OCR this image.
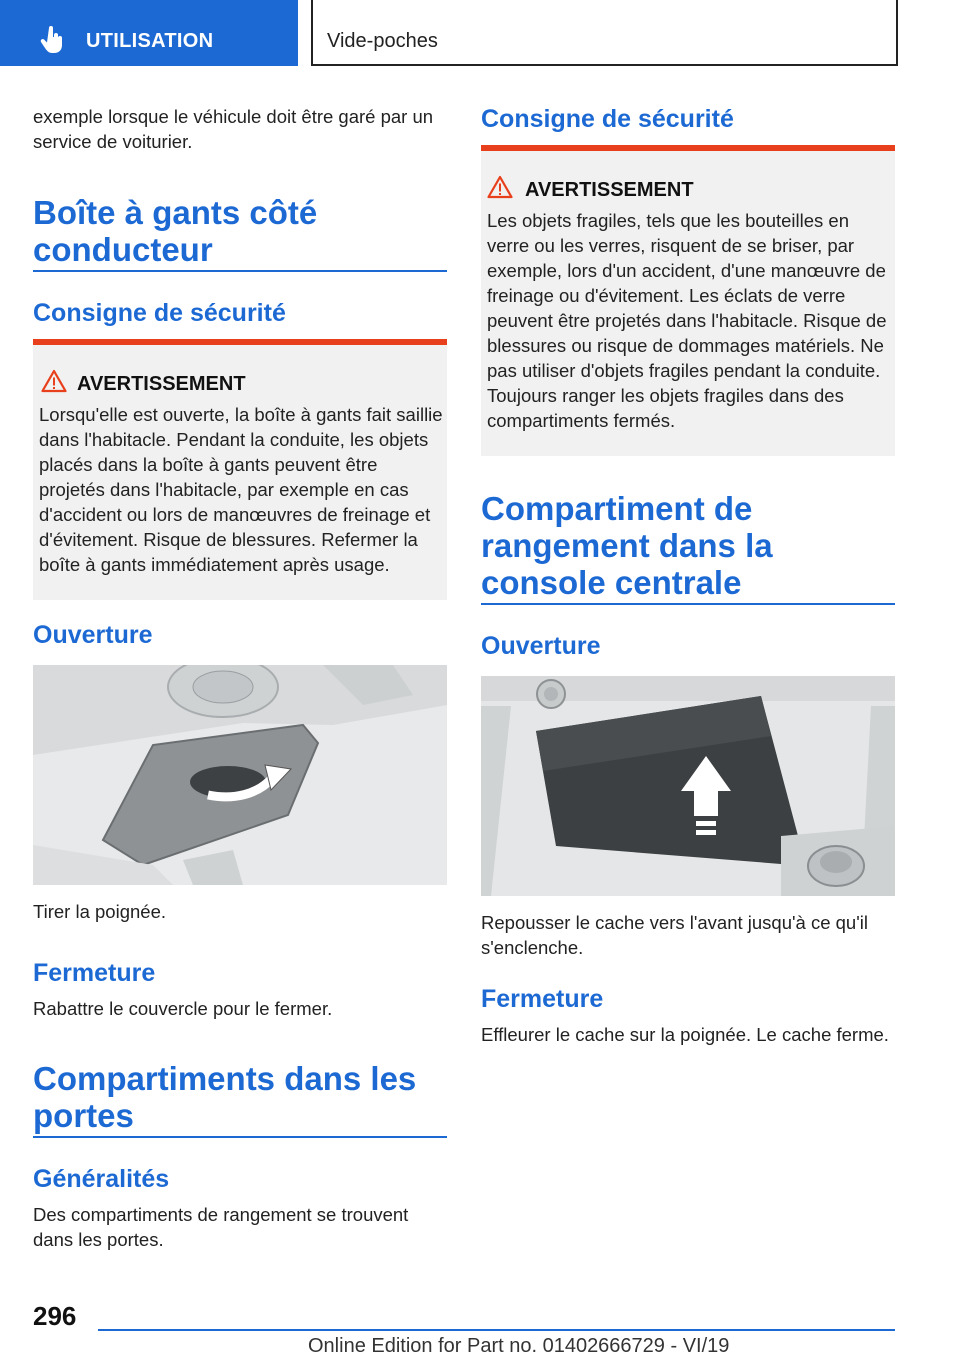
UTILISATION	Vide-poches
exemple lorsque le véhicule doit être garé par un service de voiturier.
Boîte à gants côté conducteur
Consigne de sécurité
AVERTISSEMENT
Lorsqu'elle est ouverte, la boîte à gants fait saillie dans l'habitacle. Pendant la conduite, les objets placés dans la boîte à gants peuvent être projetés dans l'habitacle, par exemple en cas d'accident ou lors de manœuvres de freinage et d'évitement. Risque de blessures. Refermer la boîte à gants immédiatement après usage.
Ouverture
Tirer la poignée.
Fermeture
Rabattre le couvercle pour le fermer.
Compartiments dans les portes
Généralités
Des compartiments de rangement se trouvent dans les portes.
Consigne de sécurité
AVERTISSEMENT
Les objets fragiles, tels que les bouteilles en verre ou les verres, risquent de se briser, par exemple, lors d'un accident, d'une manœuvre de freinage ou d'évitement. Les éclats de verre peuvent être projetés dans l'habitacle. Risque de blessures ou risque de dommages matériels. Ne pas utiliser d'objets fragiles pendant la conduite. Toujours ranger les objets fragiles dans des compartiments fermés.
Compartiment de rangement dans la console centrale
Ouverture
Repousser le cache vers l'avant jusqu'à ce qu'il s'enclenche.
Fermeture
Effleurer le cache sur la poignée. Le cache ferme.
296
Online Edition for Part no. 01402666729 - VI/19
